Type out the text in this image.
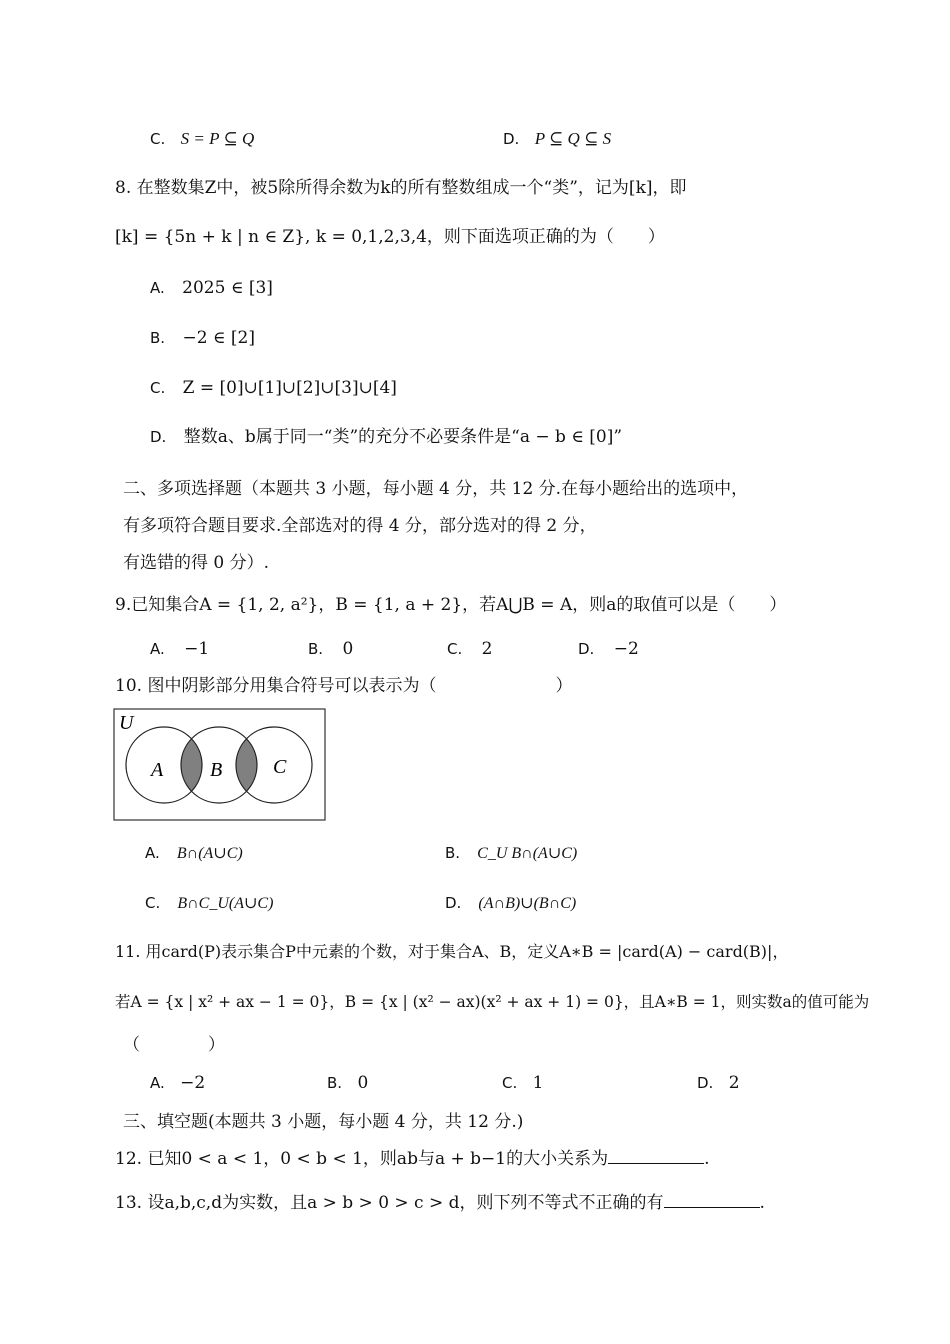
C. S = P ⊆ Q	D. P ⊆ Q ⊆ S
8. 在整数集Z中，被5除所得余数为k的所有整数组成一个“类”，记为[k]，即
[k] = {5n + k | n ∈ Z}, k = 0,1,2,3,4，则下面选项正确的为（　　）
A. 2025 ∈ [3]
B. −2 ∈ [2]
C. Z = [0]∪[1]∪[2]∪[3]∪[4]
D. 整数a、b属于同一“类”的充分不必要条件是“a − b ∈ [0]”
二、多项选择题（本题共 3 小题，每小题 4 分，共 12 分.在每小题给出的选项中，
有多项符合题目要求.全部选对的得 4 分，部分选对的得 2 分，
有选错的得 0 分）.
9.已知集合A = {1, 2, a²}，B = {1, a + 2}，若A⋃B = A，则a的取值可以是（　　）
A. −1	B. 0	C. 2	D. −2
10. 图中阴影部分用集合符号可以表示为（　　　　　　　）
U
A B	C
A. B∩(A∪C)	B. C_U B∩(A∪C)
C. B∩C_U(A∪C)	D. (A∩B)∪(B∩C)
11. 用card(P)表示集合P中元素的个数，对于集合A、B，定义A∗B = |card(A) − card(B)|，
若A = {x | x² + ax − 1 = 0}，B = {x | (x² − ax)(x² + ax + 1) = 0}，且A∗B = 1，则实数a的值可能为
（　　　　）
A. −2	B. 0	C. 1	D. 2
三、填空题(本题共 3 小题，每小题 4 分，共 12 分.)
12. 已知0 < a < 1，0 < b < 1，则ab与a + b−1的大小关系为	.
13. 设a,b,c,d为实数，且a > b > 0 > c > d，则下列不等式不正确的有	.
